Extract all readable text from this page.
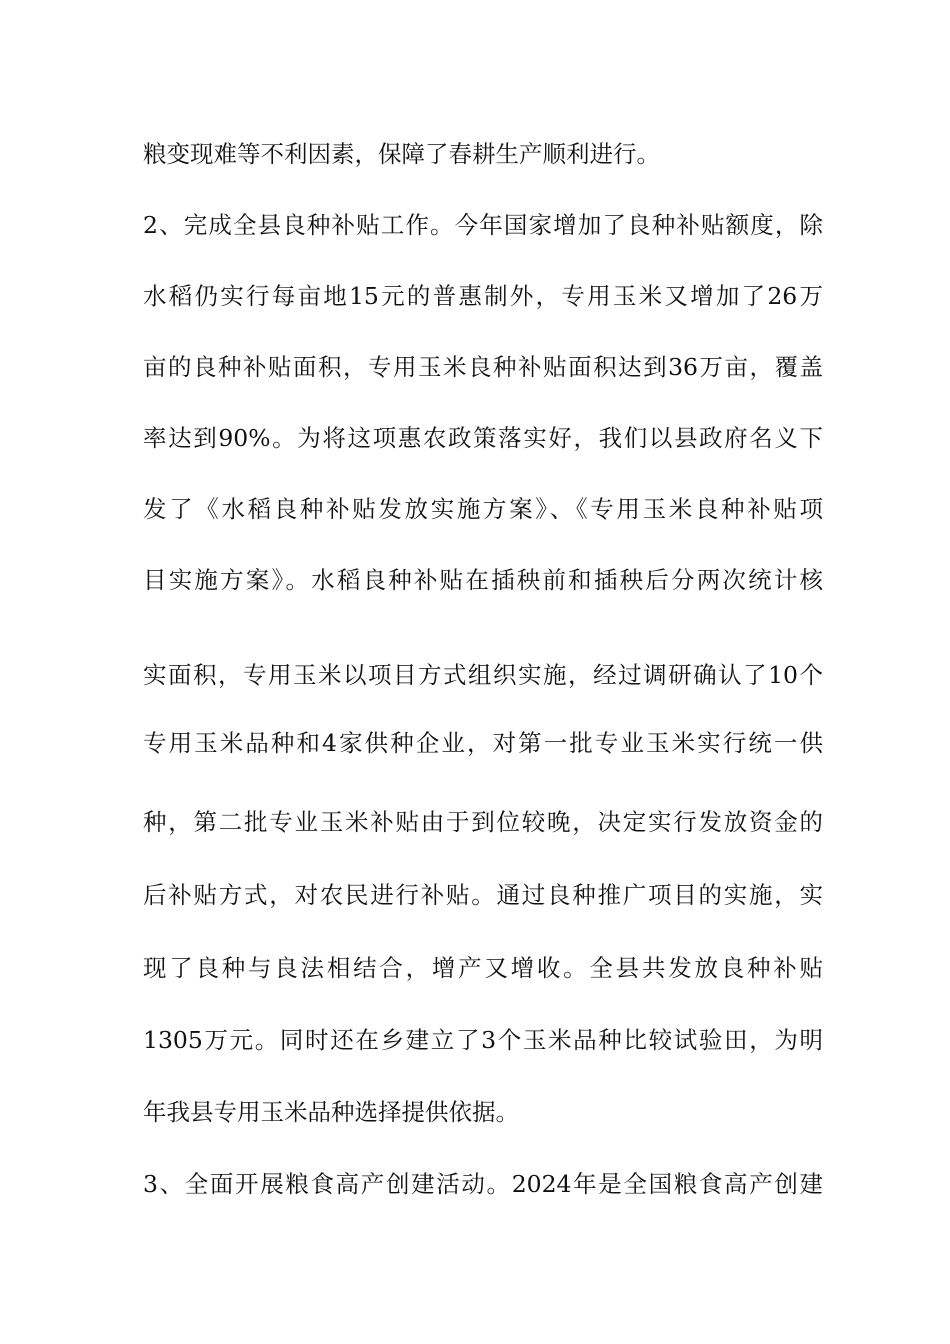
粮变现难等不利因素，保障了春耕生产顺利进行。
2、完成全县良种补贴工作。今年国家增加了良种补贴额度，除
水稻仍实行每亩地15元的普惠制外，专用玉米又增加了26万
亩的良种补贴面积，专用玉米良种补贴面积达到36万亩，覆盖
率达到90%。为将这项惠农政策落实好，我们以县政府名义下
发了《水稻良种补贴发放实施方案》、《专用玉米良种补贴项
目实施方案》。水稻良种补贴在插秧前和插秧后分两次统计核
实面积，专用玉米以项目方式组织实施，经过调研确认了10个
专用玉米品种和4家供种企业，对第一批专业玉米实行统一供
种，第二批专业玉米补贴由于到位较晚，决定实行发放资金的
后补贴方式，对农民进行补贴。通过良种推广项目的实施，实
现了良种与良法相结合，增产又增收。全县共发放良种补贴
1305万元。同时还在乡建立了3个玉米品种比较试验田，为明
年我县专用玉米品种选择提供依据。
3、全面开展粮食高产创建活动。2024年是全国粮食高产创建
